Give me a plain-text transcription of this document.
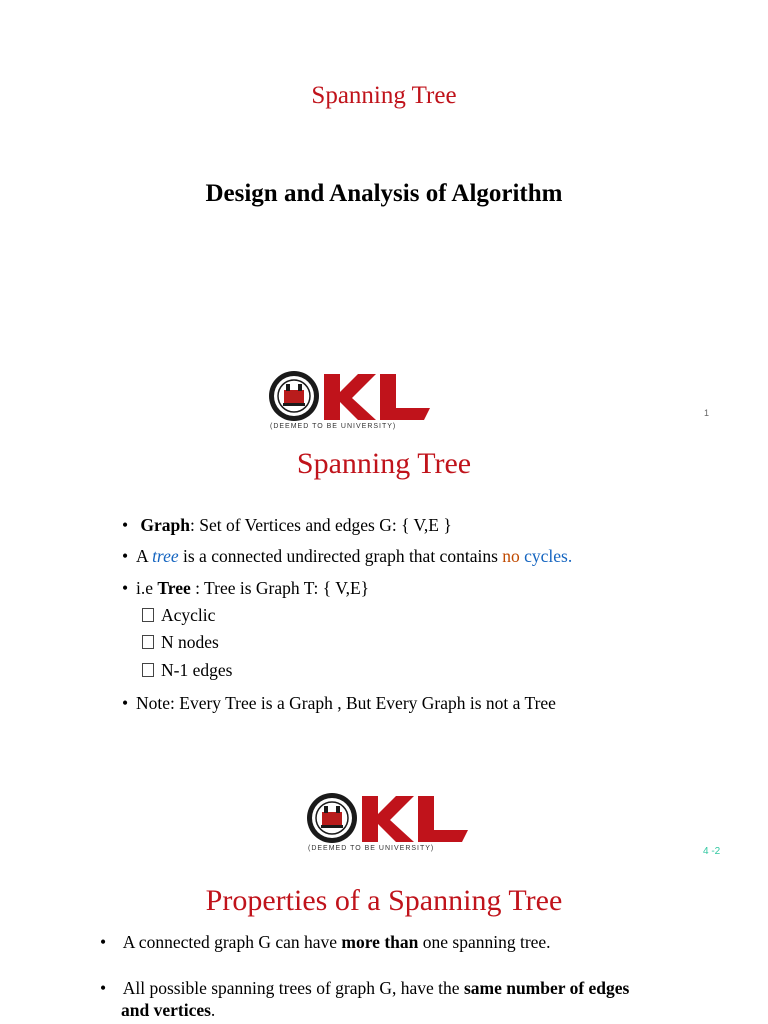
Spanning Tree
Design and Analysis of Algorithm
(DEEMED TO BE UNIVERSITY)
1
Spanning Tree
• Graph: Set of Vertices and edges G: { V,E }
• A tree is a connected undirected graph that contains no cycles.
• i.e Tree : Tree is Graph T: { V,E}
Acyclic
N nodes
N-1 edges
• Note: Every Tree is a Graph , But Every Graph is not a Tree
(DEEMED TO BE UNIVERSITY)	4 -2
Properties of a Spanning Tree
• A connected graph G can have more than one spanning tree.
• All possible spanning trees of graph G, have the same number of edges
and vertices.
